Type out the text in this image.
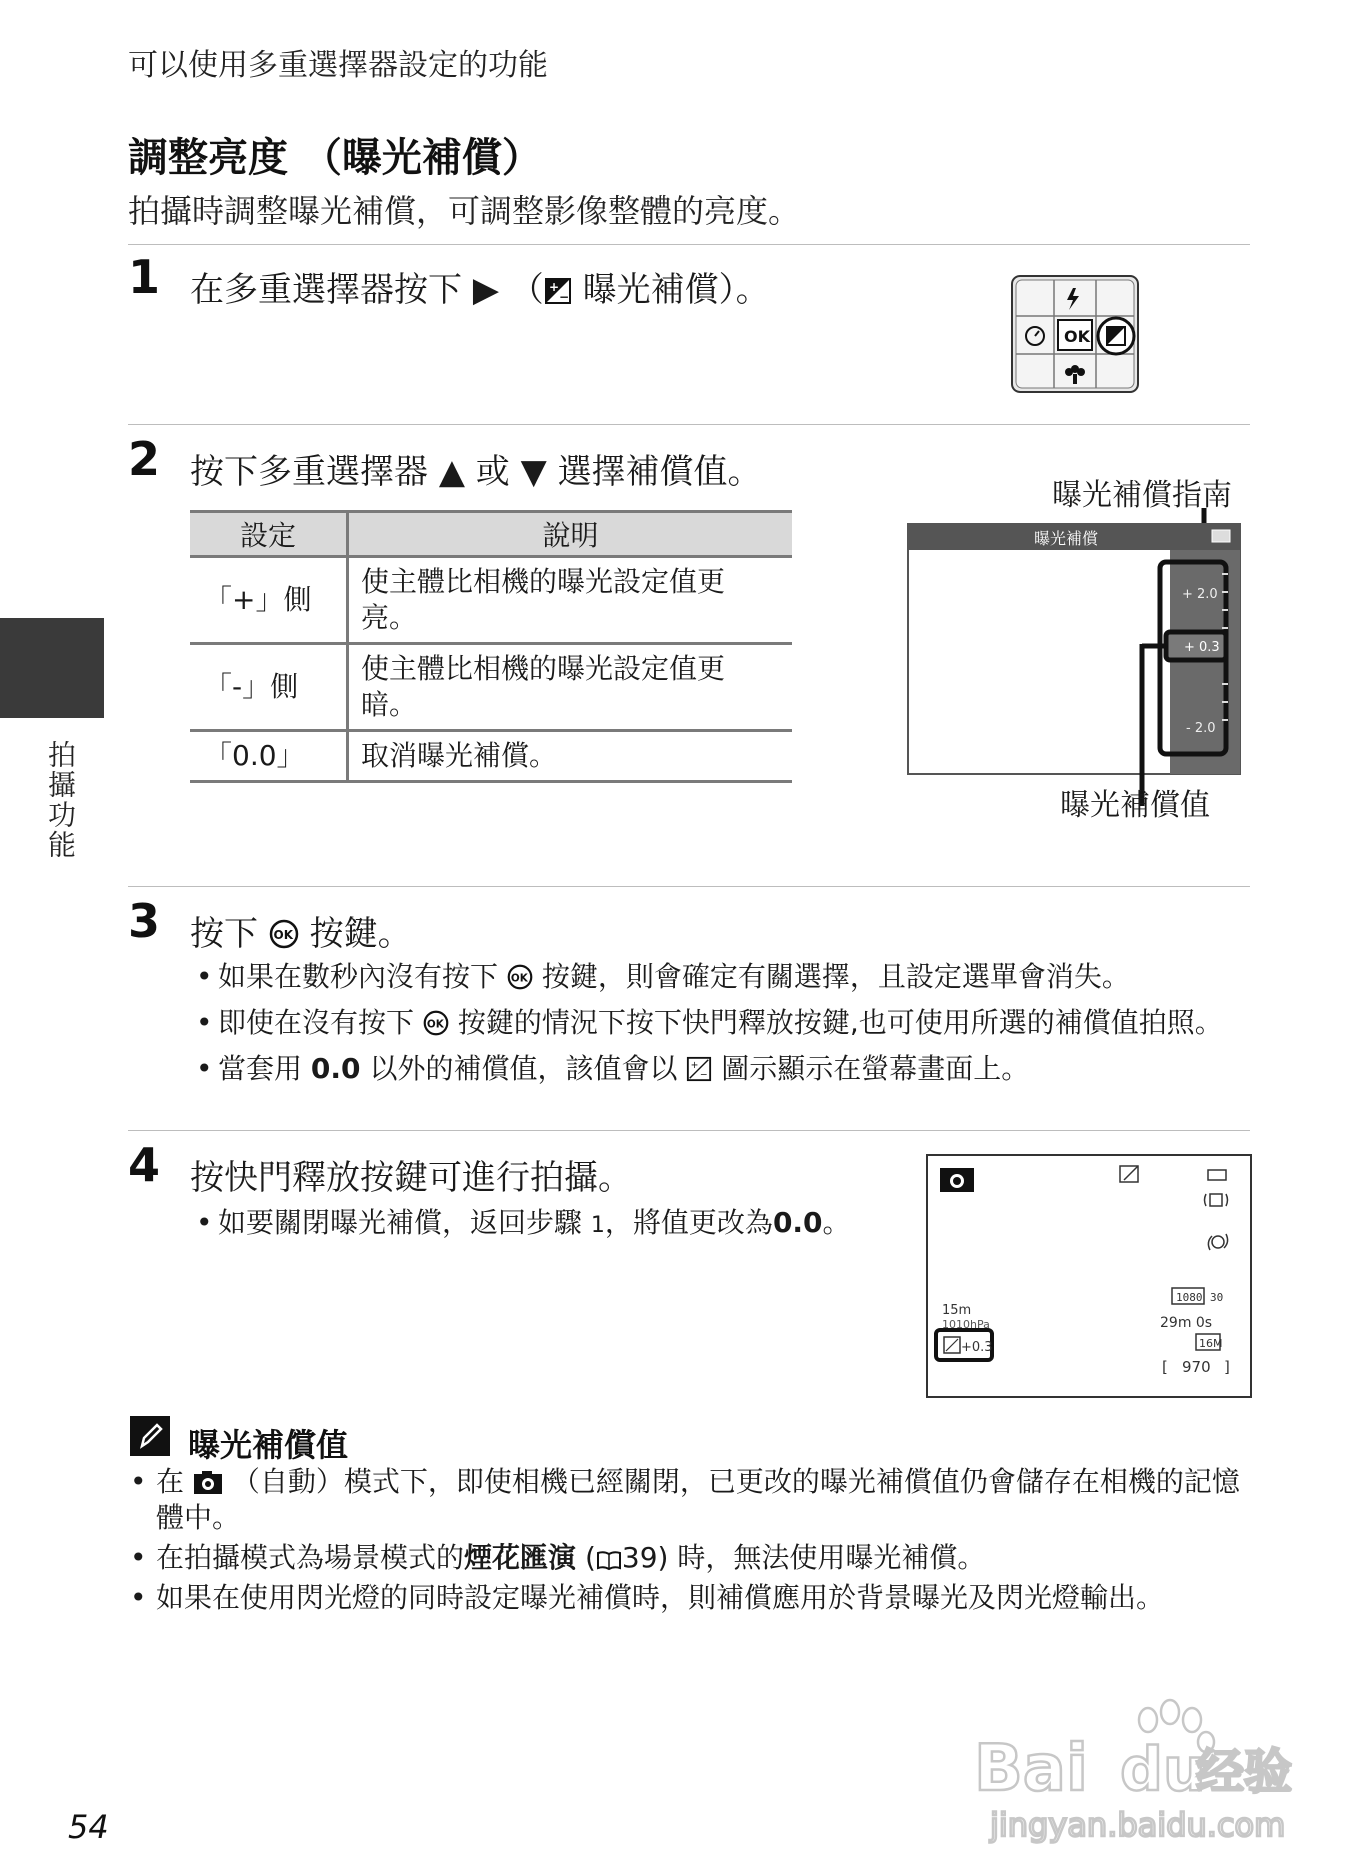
可以使用多重選擇器設定的功能
調整亮度 （曝光補償）
拍攝時調整曝光補償，可調整影像整體的亮度。
拍攝功能
1 在多重選擇器按下 ▶ （ +
− 曝光補償）。
OK
2 按下多重選擇器 ▲ 或 ▼ 選擇補償值。
設定	說明
「+」側	使主體比相機的曝光設定值更亮。
「-」側	使主體比相機的曝光設定值更暗。
「0.0」	取消曝光補償。
曝光補償指南
曝光補償
+ 2.0
+ 0.3
- 2.0
曝光補償值
3 按下 OK 按鍵。
• 如果在數秒內沒有按下 OK 按鍵，則會確定有關選擇，且設定選單會消失。
• 即使在沒有按下 OK 按鍵的情況下按下快門釋放按鍵,也可使用所選的補償值拍照。
• 當套用 0.0 以外的補償值，該值會以 +
− 圖示顯示在螢幕畫面上。
4 按快門釋放按鍵可進行拍攝。
• 如要關閉曝光補償，返回步驟 1，將值更改為0.0。
1080 30
15m
1010hPa	29m 0s
16M
+0.3
[ 970 ]
曝光補償值
• 在 （自動）模式下，即使相機已經關閉，已更改的曝光補償值仍會儲存在相機的記憶體中。
• 在拍攝模式為場景模式的煙花匯演 ( 39) 時，無法使用曝光補償。
• 如果在使用閃光燈的同時設定曝光補償時，則補償應用於背景曝光及閃光燈輸出。
54
Bai du
经验
jingyan.baidu.com
